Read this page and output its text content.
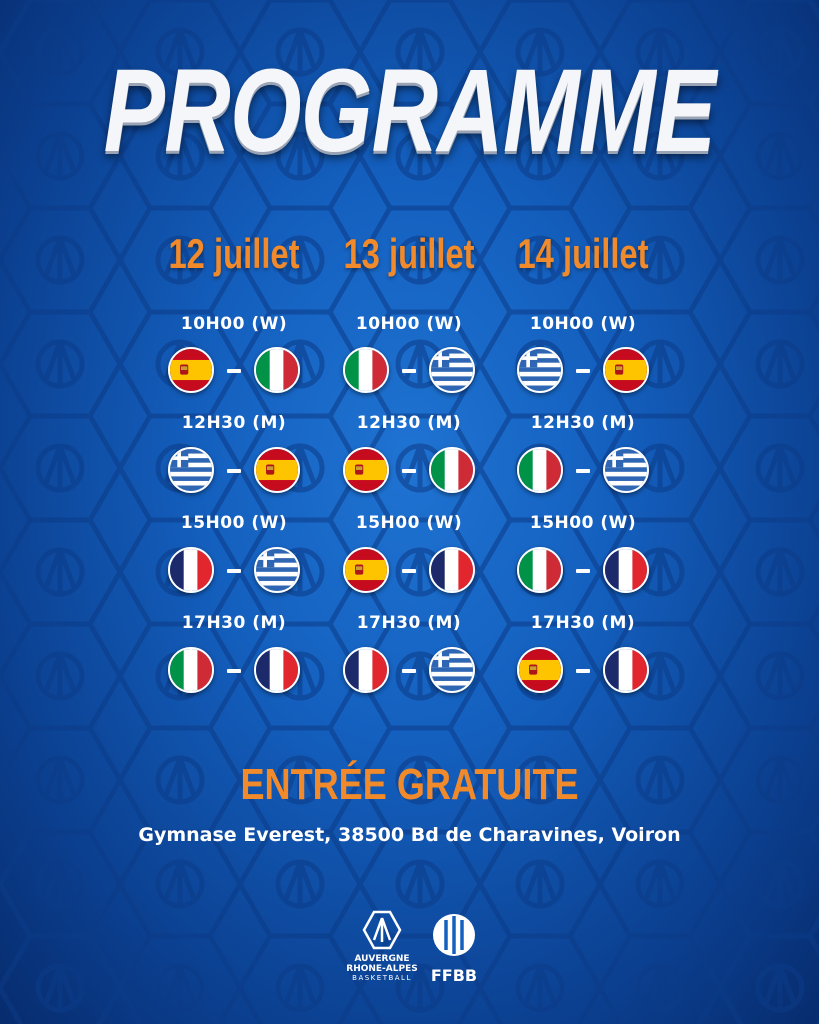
PROGRAMME
12 juillet
10H00 (W)
12H30 (M)
15H00 (W)
17H30 (M)
13 juillet
10H00 (W)
12H30 (M)
15H00 (W)
17H30 (M)
14 juillet
10H00 (W)
12H30 (M)
15H00 (W)
17H30 (M)
ENTRÉE GRATUITE
Gymnase Everest, 38500 Bd de Charavines, Voiron
AUVERGNE
RHONE-ALPES
BASKETBALL	FFBB
